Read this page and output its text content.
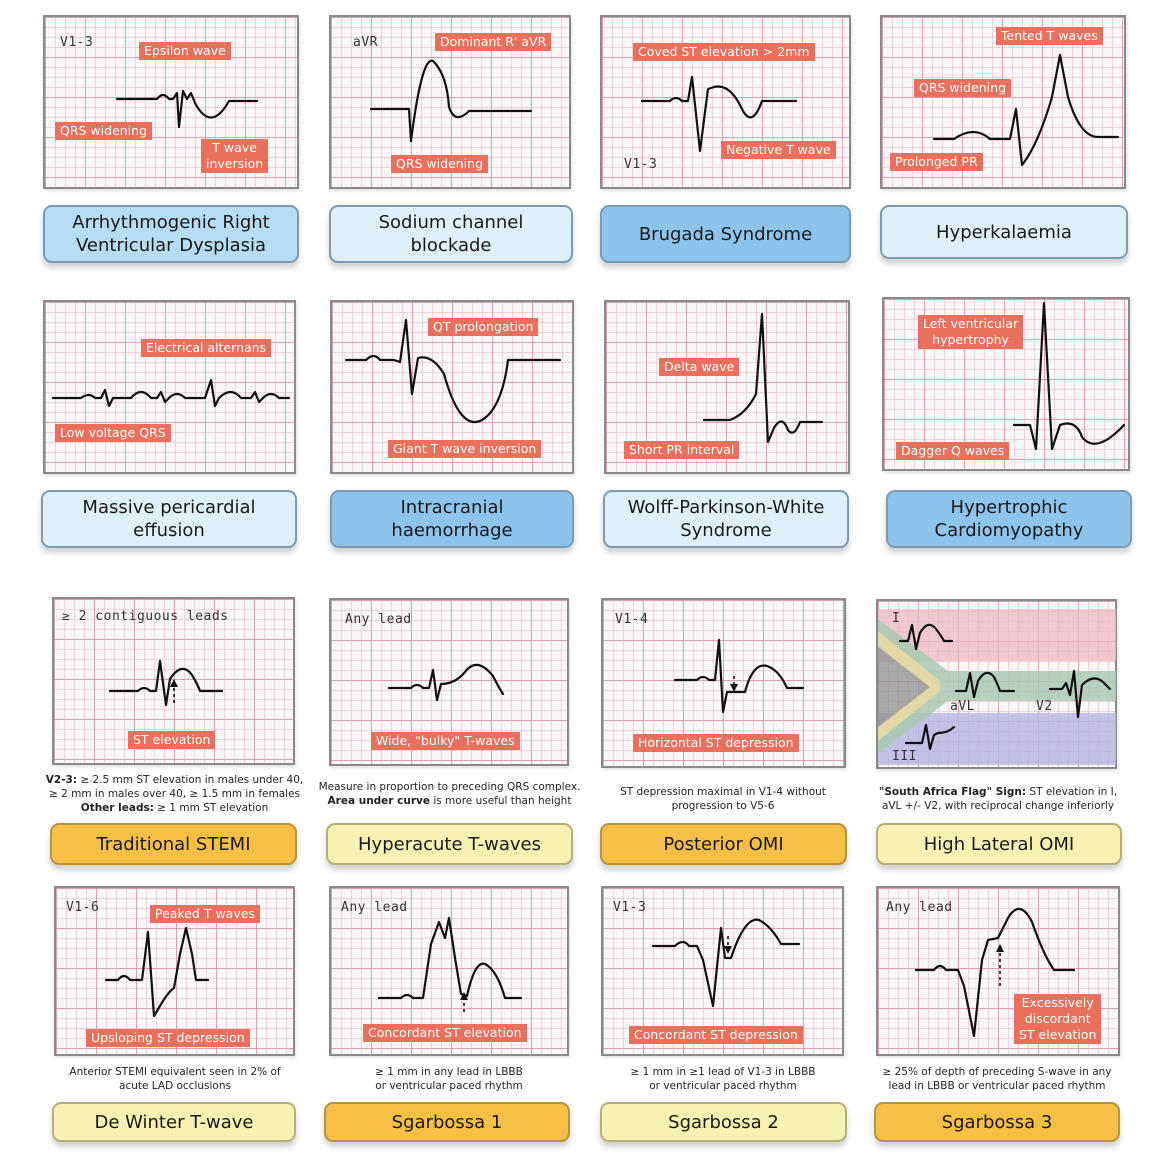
V1-3
Epsilon wave
QRS widening
T wave
inversion
Arrhythmogenic Right Ventricular Dysplasia
aVR	Dominant R' aVR
QRS widening
Sodium channel blockade
V1-3
Coved ST elevation > 2mm
Negative T wave
Brugada Syndrome
Tented T waves
QRS widening
Prolonged PR
Hyperkalaemia
Electrical alternans
Low voltage QRS
Massive pericardial effusion
QT prolongation
Giant T wave inversion
Intracranial haemorrhage
Delta wave
Short PR interval
Wolff-Parkinson-White Syndrome
Left ventricular
hypertrophy
Dagger Q waves
Hypertrophic Cardiomyopathy
≥ 2 contiguous leads
ST elevation
V2-3: ≥ 2.5 mm ST elevation in males under 40,
≥ 2 mm in males over 40, ≥ 1.5 mm in females
Other leads: ≥ 1 mm ST elevation
Traditional STEMI
Any lead
Wide, "bulky" T-waves
Measure in proportion to preceding QRS complex.
Area under curve is more useful than height
Hyperacute T-waves
V1-4
Horizontal ST depression
ST depression maximal in V1-4 without
progression to V5-6
Posterior OMI
I
aVL	V2
III
"South Africa Flag" Sign: ST elevation in I,
aVL +/- V2, with reciprocal change inferiorly
High Lateral OMI
V1-6	Peaked T waves
Upsloping ST depression
Anterior STEMI equivalent seen in 2% of
acute LAD occlusions
De Winter T-wave
Any lead
Concordant ST elevation
≥ 1 mm in any lead in LBBB
or ventricular paced rhythm
Sgarbossa 1
V1-3
Concordant ST depression
≥ 1 mm in ≥1 lead of V1-3 in LBBB
or ventricular paced rhythm
Sgarbossa 2
Any lead
Excessively
discordant
ST elevation
≥ 25% of depth of preceding S-wave in any
lead in LBBB or ventricular paced rhythm
Sgarbossa 3
